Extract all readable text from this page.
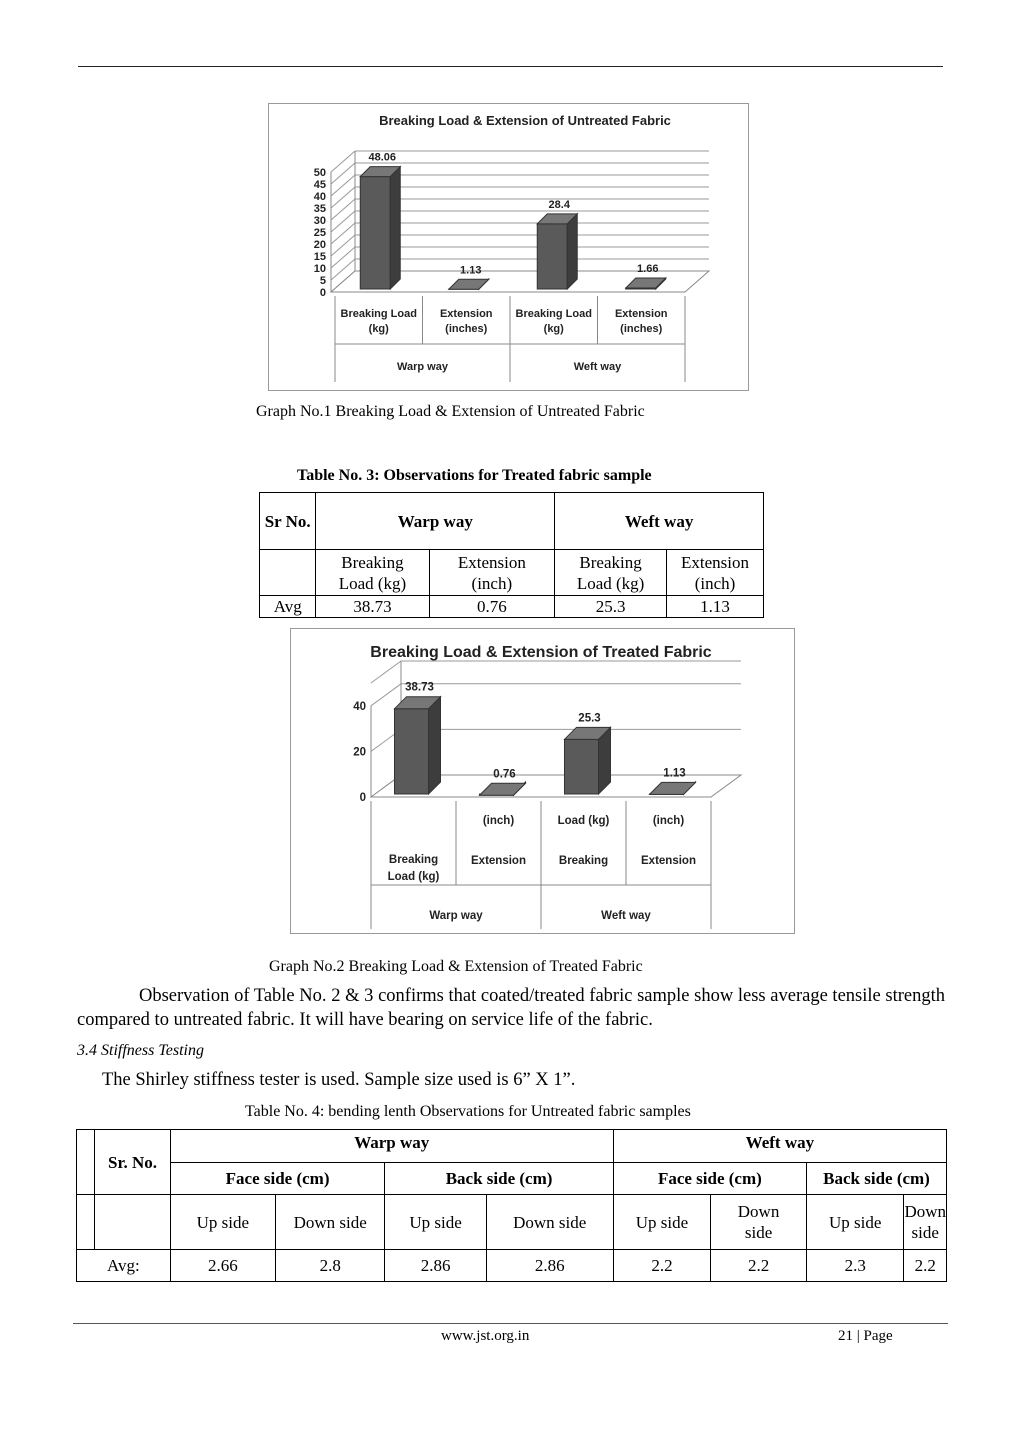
Breaking Load & Extension of Untreated Fabric
0
5
10
15
20
25
30
35
40
45
50
48.06
1.13
28.4
1.66
Breaking Load
(kg)
Extension
(inches)
Breaking Load
(kg)
Extension
(inches)
Warp way	Weft way
Graph No.1 Breaking Load & Extension of Untreated Fabric
Table No. 3: Observations for Treated fabric sample
Sr No.	Warp way		Weft way	
	Breaking Load (kg)	Extension (inch)	Breaking Load (kg)	Extension (inch)
Avg	38.73	0.76	25.3	1.13
Breaking Load & Extension of Treated Fabric
0
20
40
38.73
0.76
25.3
1.13
Breaking
Load (kg)
(inch)
Extension
Load (kg)
Breaking
(inch)
Extension
Warp way	Weft way
Graph No.2 Breaking Load & Extension of Treated Fabric
Observation of Table No. 2 & 3 confirms that coated/treated fabric sample show less average tensile strength compared to untreated fabric. It will have bearing on service life of the fabric.
3.4 Stiffness Testing
The Shirley stiffness tester is used. Sample size used is 6” X 1”.
Table No. 4: bending lenth Observations for Untreated fabric samples
	Sr. No.	Warp way				Weft way			
		Face side (cm)		Back side (cm)		Face side (cm)		Back side (cm)	
		Up side	Down side	Up side	Down side	Up side	Down side	Up side	Down side
Avg:		2.66	2.8	2.86	2.86	2.2	2.2	2.3	2.2
www.jst.org.in	21 | Page
